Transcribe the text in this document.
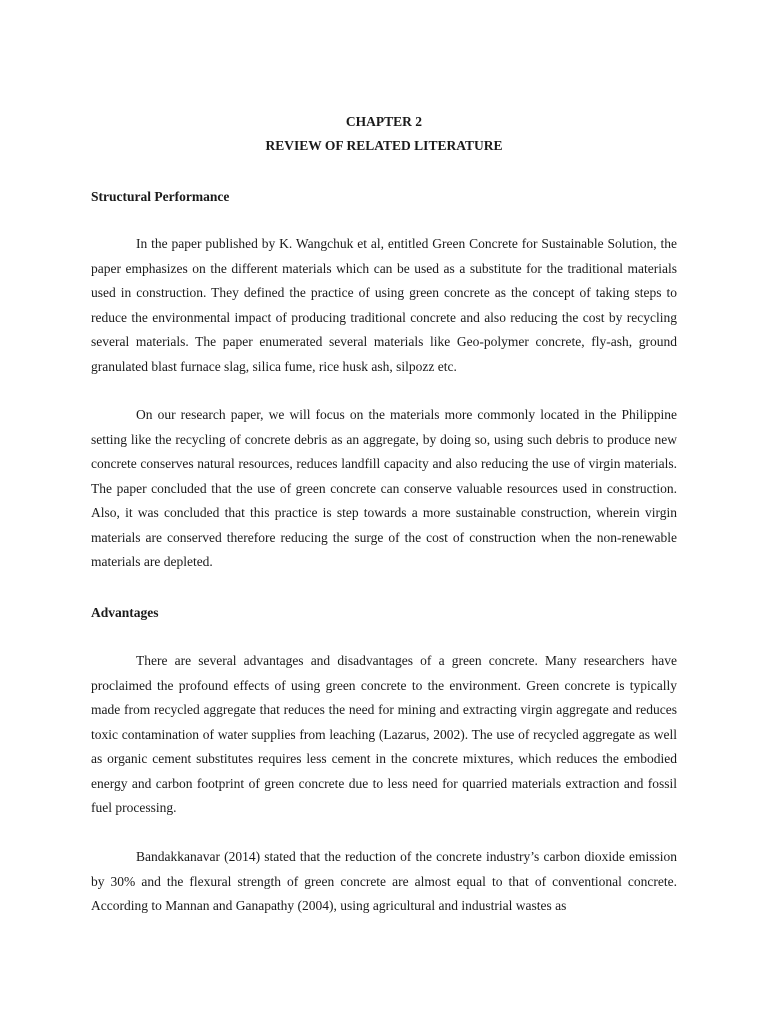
CHAPTER 2
REVIEW OF RELATED LITERATURE
Structural Performance

In the paper published by K. Wangchuk et al, entitled Green Concrete for Sustainable Solution, the paper emphasizes on the different materials which can be used as a substitute for the traditional materials used in construction. They defined the practice of using green concrete as the concept of taking steps to reduce the environmental impact of producing traditional concrete and also reducing the cost by recycling several materials. The paper enumerated several materials like Geo-polymer concrete, fly-ash, ground granulated blast furnace slag, silica fume, rice husk ash, silpozz etc.

On our research paper, we will focus on the materials more commonly located in the Philippine setting like the recycling of concrete debris as an aggregate, by doing so, using such debris to produce new concrete conserves natural resources, reduces landfill capacity and also reducing the use of virgin materials. The paper concluded that the use of green concrete can conserve valuable resources used in construction. Also, it was concluded that this practice is step towards a more sustainable construction, wherein virgin materials are conserved therefore reducing the surge of the cost of construction when the non-renewable materials are depleted.

Advantages

There are several advantages and disadvantages of a green concrete. Many researchers have proclaimed the profound effects of using green concrete to the environment. Green concrete is typically made from recycled aggregate that reduces the need for mining and extracting virgin aggregate and reduces toxic contamination of water supplies from leaching (Lazarus, 2002). The use of recycled aggregate as well as organic cement substitutes requires less cement in the concrete mixtures, which reduces the embodied energy and carbon footprint of green concrete due to less need for quarried materials extraction and fossil fuel processing.

Bandakkanavar (2014) stated that the reduction of the concrete industry’s carbon dioxide emission by 30% and the flexural strength of green concrete are almost equal to that of conventional concrete. According to Mannan and Ganapathy (2004), using agricultural and industrial wastes as
